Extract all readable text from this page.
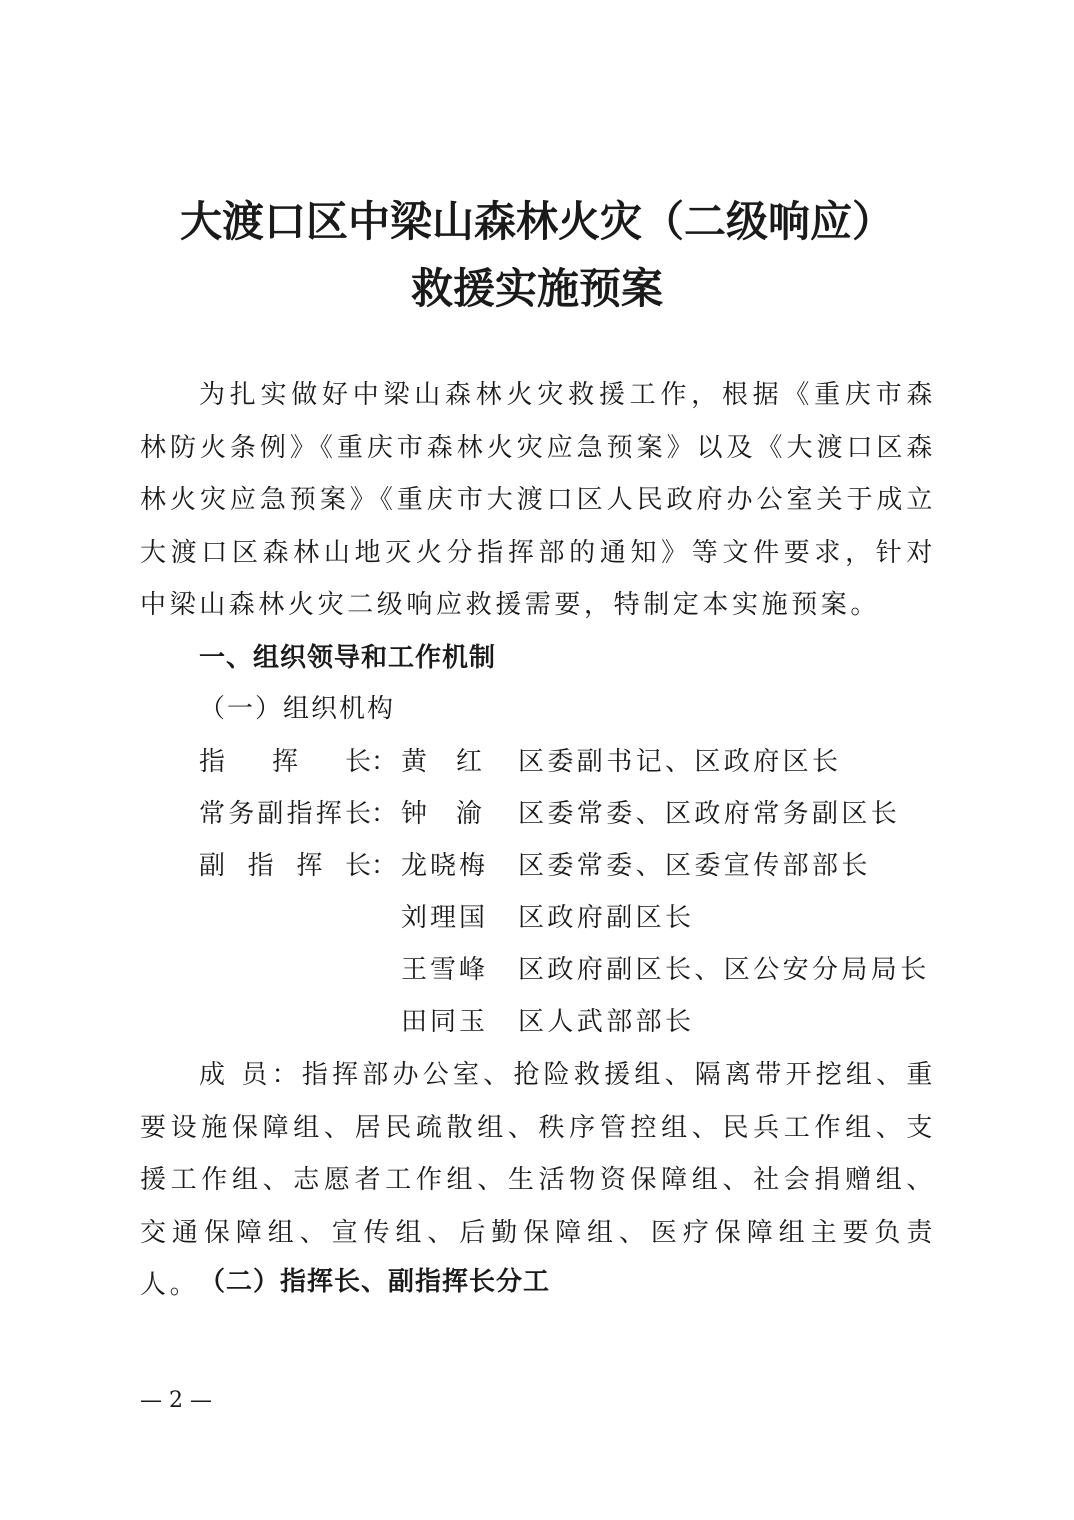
大渡口区中梁山森林火灾（二级响应）
救援实施预案

为扎实做好中梁山森林火灾救援工作，根据《重庆市森林防火条例》《重庆市森林火灾应急预案》以及《大渡口区森林火灾应急预案》《重庆市大渡口区人民政府办公室关于成立大渡口区森林山地灭火分指挥部的通知》等文件要求，针对中梁山森林火灾二级响应救援需要，特制定本实施预案。

一、组织领导和工作机制

（一）组织机构

指挥长： 黄红 区委副书记、区政府区长
常务副指挥长： 钟渝 区委常委、区政府常务副区长
副指挥长： 龙晓梅 区委常委、区委宣传部部长
刘理国 区政府副区长
王雪峰 区政府副区长、区公安分局局长
田同玉 区人武部部长

成员：指挥部办公室、抢险救援组、隔离带开挖组、重要设施保障组、居民疏散组、秩序管控组、民兵工作组、支援工作组、志愿者工作组、生活物资保障组、社会捐赠组、交通保障组、宣传组、后勤保障组、医疗保障组主要负责人。 （二）指挥长、副指挥长分工

— 2 —
